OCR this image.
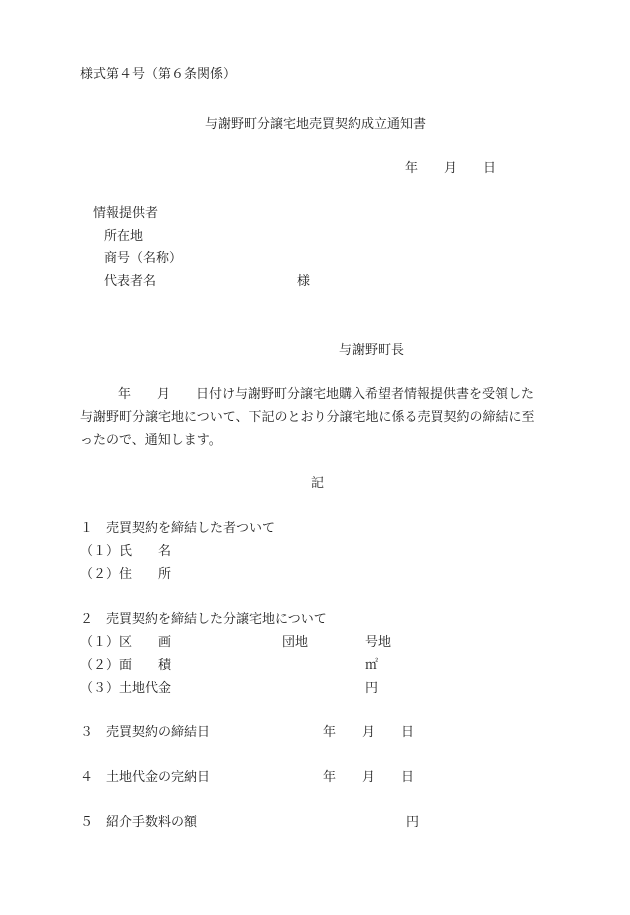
様式第４号（第６条関係）
与謝野町分譲宅地売買契約成立通知書
年　　月　　日
情報提供者
所在地
商号（名称）
代表者名	様
与謝野町長
年　　月　　日付け与謝野町分譲宅地購入希望者情報提供書を受領した
与謝野町分譲宅地について、下記のとおり分譲宅地に係る売買契約の締結に至
ったので、通知します。
記
１　売買契約を締結した者ついて
（１）氏　　名
（２）住　　所
２　売買契約を締結した分譲宅地について
（１）区　　画	団地	号地
（２）面　　積	㎡
（３）土地代金	円
３　売買契約の締結日	年　　月　　日
４　土地代金の完納日	年　　月　　日
５　紹介手数料の額	円
